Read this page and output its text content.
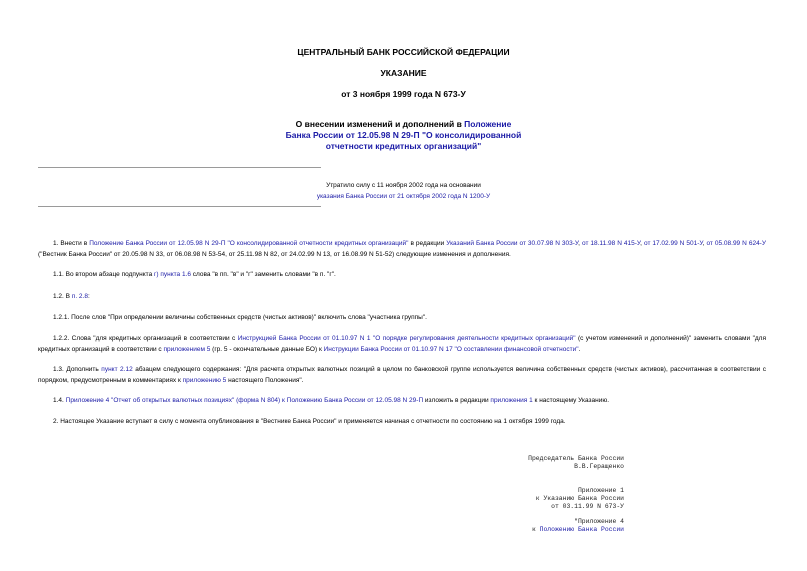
ЦЕНТРАЛЬНЫЙ БАНК РОССИЙСКОЙ ФЕДЕРАЦИИ
УКАЗАНИЕ
от 3 ноября 1999 года N 673-У
О внесении изменений и дополнений в Положение
Банка России от 12.05.98 N 29-П "О консолидированной
отчетности кредитных организаций"
Утратило силу с 11 ноября 2002 года на основании
указания Банка России от 21 октября 2002 года N 1200-У
1. Внести в Положение Банка России от 12.05.98 N 29-П "О консолидированной отчетности кредитных организаций" в редакции Указаний Банка России от 30.07.98 N 303-У, от 18.11.98 N 415-У, от 17.02.99 N 501-У, от 05.08.99 N 624-У ("Вестник Банка России" от 20.05.98 N 33, от 06.08.98 N 53-54, от 25.11.98 N 82, от 24.02.99 N 13, от 16.08.99 N 51-52) следующие изменения и дополнения.
1.1. Во втором абзаце подпункта г) пункта 1.6 слова "в пп. "в" и "г" заменить словами "в п. "г".
1.2. В п. 2.8:
1.2.1. После слов "При определении величины собственных средств (чистых активов)" включить слова "участника группы".
1.2.2. Слова "для кредитных организаций в соответствии с Инструкцией Банка России от 01.10.97 N 1 "О порядке регулирования деятельности кредитных организаций" (с учетом изменений и дополнений)" заменить словами "для кредитных организаций в соответствии с приложением 5 (гр. 5 - окончательные данные БО) к Инструкции Банка России от 01.10.97 N 17 "О составлении финансовой отчетности".
1.3. Дополнить пункт 2.12 абзацем следующего содержания: "Для расчета открытых валютных позиций в целом по банковской группе используется величина собственных средств (чистых активов), рассчитанная в соответствии с порядком, предусмотренным в комментариях к приложению 5 настоящего Положения".
1.4. Приложение 4 "Отчет об открытых валютных позициях" (форма N 804) к Положению Банка России от 12.05.98 N 29-П изложить в редакции приложения 1 к настоящему Указанию.
2. Настоящее Указание вступает в силу с момента опубликования в "Вестнике Банка России" и применяется начиная с отчетности по состоянию на 1 октября 1999 года.
Председатель Банка России
В.В.Геращенко
Приложение 1
к Указанию Банка России
от 03.11.99 N 673-У
"Приложение 4
к Положению Банка России
